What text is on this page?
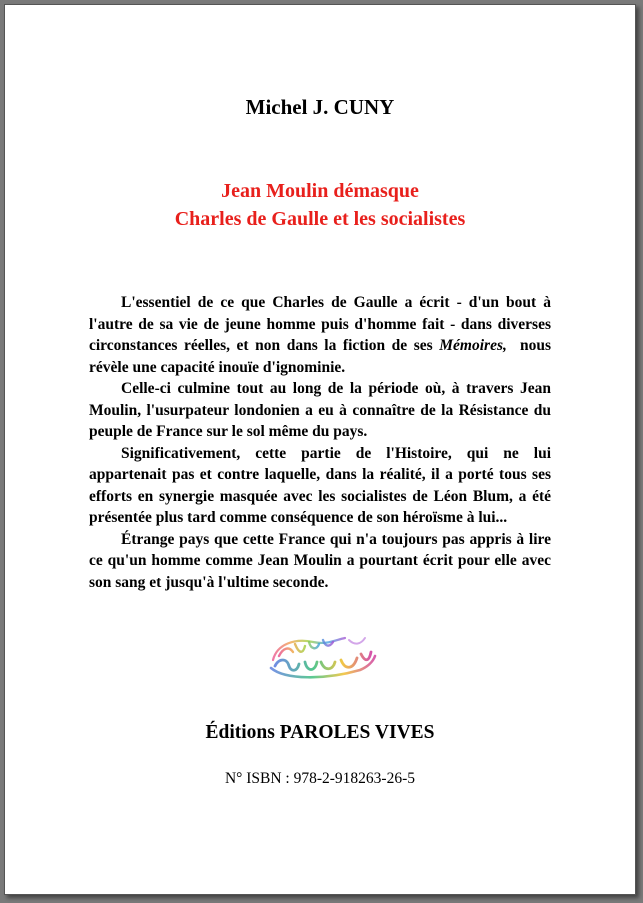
Michel J. CUNY
Jean Moulin démasque
Charles de Gaulle et les socialistes

L'essentiel de ce que Charles de Gaulle a écrit - d'un bout à l'autre de sa vie de jeune homme puis d'homme fait - dans diverses circonstances réelles, et non dans la fiction de ses Mémoires, nous révèle une capacité inouïe d'ignominie.

Celle-ci culmine tout au long de la période où, à travers Jean Moulin, l'usurpateur londonien a eu à connaître de la Résistance du peuple de France sur le sol même du pays.

Significativement, cette partie de l'Histoire, qui ne lui appartenait pas et contre laquelle, dans la réalité, il a porté tous ses efforts en synergie masquée avec les socialistes de Léon Blum, a été présentée plus tard comme conséquence de son héroïsme à lui...

Étrange pays que cette France qui n'a toujours pas appris à lire ce qu'un homme comme Jean Moulin a pourtant écrit pour elle avec son sang et jusqu'à l'ultime seconde.

Éditions PAROLES VIVES
N° ISBN : 978-2-918263-26-5
